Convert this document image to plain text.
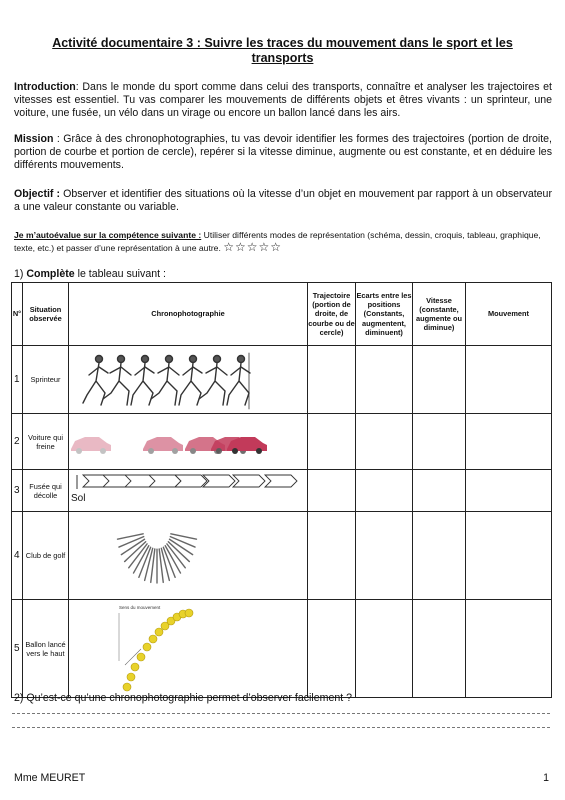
Activité documentaire 3 : Suivre les traces du mouvement dans le sport et les transports
Introduction: Dans le monde du sport comme dans celui des transports, connaître et analyser les trajectoires et vitesses est essentiel. Tu vas comparer les mouvements de différents objets et êtres vivants : un sprinteur, une voiture, une fusée, un vélo dans un virage ou encore un ballon lancé dans les airs.
Mission : Grâce à des chronophotographies, tu vas devoir identifier les formes des trajectoires (portion de droite, portion de courbe et portion de cercle), repérer si la vitesse diminue, augmente ou est constante, et en déduire les différents mouvements.
Objectif : Observer et identifier des situations où la vitesse d’un objet en mouvement par rapport à un observateur a une valeur constante ou variable.
Je m’autoévalue sur la compétence suivante : Utiliser différents modes de représentation (schéma, dessin, croquis, tableau, graphique, texte, etc.) et passer d’une représentation à une autre. ☆☆☆☆☆
1) Complète le tableau suivant :
N°	Situation observée	Chronophotographie	Trajectoire (portion de droite, de courbe ou de cercle)	Ecarts entre les positions (Constants, augmentent, diminuent)	Vitesse (constante, augmente ou diminue)	Mouvement
1	Sprinteur	

2	Voiture qui freine	

3	Fusée qui décolle	Sol				

4	Club de golf	

5	Ballon lancé vers le haut	Sens du mouvement				

2) Qu’est-ce qu’une chronophotographie permet d’observer facilement ?
Mme MEURET	1
